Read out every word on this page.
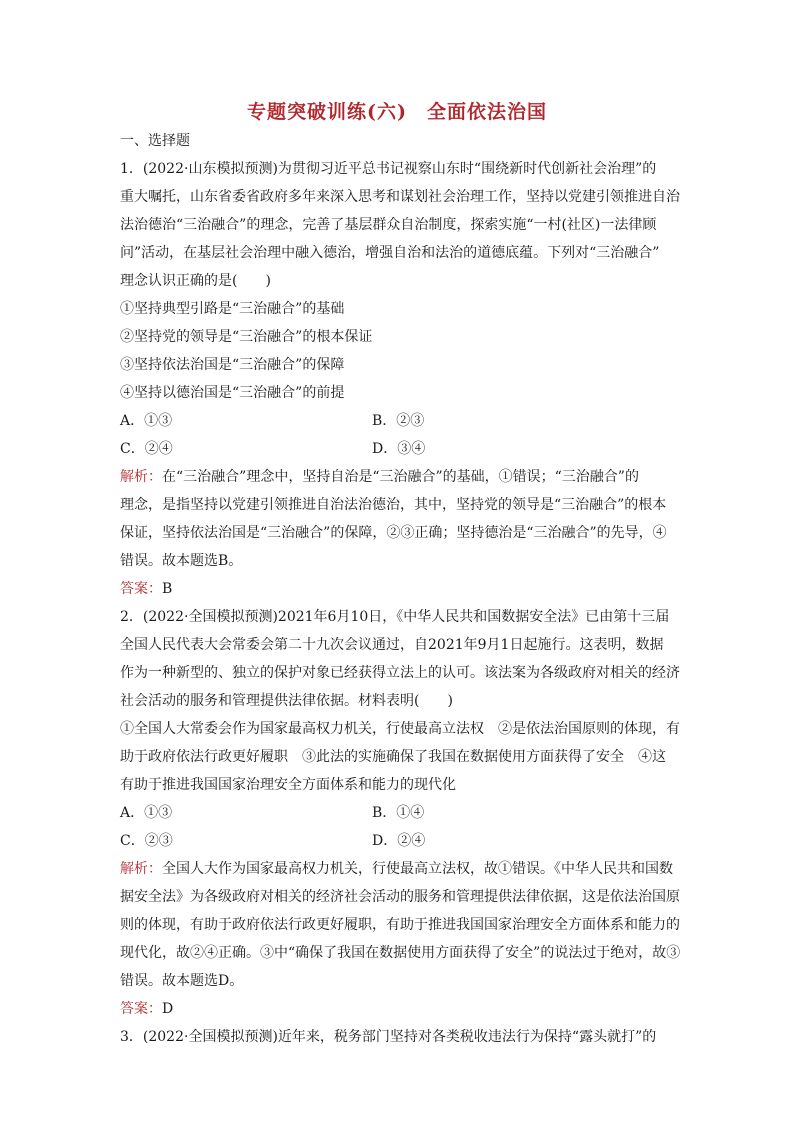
专题突破训练(六)　全面依法治国
一、选择题
1．(2022·山东模拟预测)为贯彻习近平总书记视察山东时“围绕新时代创新社会治理”的
重大嘱托，山东省委省政府多年来深入思考和谋划社会治理工作，坚持以党建引领推进自治
法治德治“三治融合”的理念，完善了基层群众自治制度，探索实施“一村(社区)一法律顾
问”活动，在基层社会治理中融入德治，增强自治和法治的道德底蕴。下列对“三治融合”
理念认识正确的是(　　)
①坚持典型引路是“三治融合”的基础
②坚持党的领导是“三治融合”的根本保证
③坚持依法治国是“三治融合”的保障
④坚持以德治国是“三治融合”的前提
A．①③	B．②③
C．②④	D．③④
解析：在“三治融合”理念中，坚持自治是“三治融合”的基础，①错误；“三治融合”的
理念，是指坚持以党建引领推进自治法治德治，其中，坚持党的领导是“三治融合”的根本
保证，坚持依法治国是“三治融合”的保障，②③正确；坚持德治是“三治融合”的先导，④
错误。故本题选B。
答案：B
2．(2022·全国模拟预测)2021年6月10日，《中华人民共和国数据安全法》已由第十三届
全国人民代表大会常委会第二十九次会议通过，自2021年9月1日起施行。这表明，数据
作为一种新型的、独立的保护对象已经获得立法上的认可。该法案为各级政府对相关的经济
社会活动的服务和管理提供法律依据。材料表明(　　)
①全国人大常委会作为国家最高权力机关，行使最高立法权　②是依法治国原则的体现，有
助于政府依法行政更好履职　③此法的实施确保了我国在数据使用方面获得了安全　④这
有助于推进我国国家治理安全方面体系和能力的现代化
A．①③	B．①④
C．②③	D．②④
解析：全国人大作为国家最高权力机关，行使最高立法权，故①错误。《中华人民共和国数
据安全法》为各级政府对相关的经济社会活动的服务和管理提供法律依据，这是依法治国原
则的体现，有助于政府依法行政更好履职，有助于推进我国国家治理安全方面体系和能力的
现代化，故②④正确。③中“确保了我国在数据使用方面获得了安全”的说法过于绝对，故③
错误。故本题选D。
答案：D
3．(2022·全国模拟预测)近年来，税务部门坚持对各类税收违法行为保持“露头就打”的
